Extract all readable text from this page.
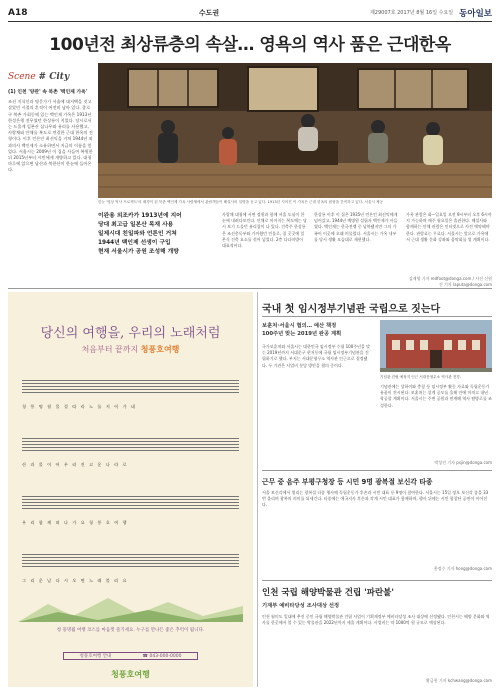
A18	수도권	제29007호 2017년 8월 16일 수요일 동아일보
100년전 최상류층의 속살… 영욕의 역사 품은 근대한옥
Scene # City
(1) 인천 '양관' 속 북촌 '백인제 가옥'
조선 지식인과 명문가가 서울에 대저택을 짓고 살았던 시절의 흔적이 여전히 남아 있다. 종로구 북촌 가회동에 있는 백인제 가옥은 1913년 한성은행 전무였던 한상룡이 지었다. 당시로서는 드물게 일본산 삼나무와 유리를 사용했고, 사랑채와 안채를 복도로 연결한 근대 한옥의 전형이다. 이후 언론인 최선익을 거쳐 1944년 외과의사 백인제가 소유하면서 지금의 이름을 얻었다. 서울시는 2009년 이 집을 사들여 복원한 뒤 2015년부터 시민에게 개방하고 있다. 대청마루에 앉으면 남산과 북한산이 한눈에 들어온다.
한눈 '영상 역사 프로젝트'의 배경이 된 북촌 백인제 가옥 사랑채에서 관람객들이 해설사의 설명을 듣고 있다. 1913년 지어진 이 가옥은 근대 한옥의 원형을 간직하고 있다. 서울시 제공
이완용 외조카가 1913년에 지어
당대 최고급 일본산 목재 사용
일제시대 친일파와 언론인 거쳐
1944년 백인제 선생이 구입
현재 서울시가 공원 조성해 개방
사랑채 대청에 서면 정원과 함께 서울 도심이 한눈에 내려다보인다. 안채로 이어지는 복도에는 당시 보기 드물던 유리창이 나 있다. 건축주 한상룡은 조선총독부와 가까웠던 인물로, 집 곳곳에 일본식 건축 요소를 섞어 넣었다. 2층 다다미방이 대표적이다.
한상룡 이후 이 집은 1935년 언론인 최선익에게 넘어갔고, 1944년 백병원 설립자 백인제가 사들였다. 백인제는 한국전쟁 중 납북됐지만 그의 가족이 이곳에 오래 머물렀다. 서울시는 가옥 내부를 당시 생활 모습대로 재현했다.
가옥 관람은 화∼일요일 오전 9시부터 오후 6시까지 가능하며 매주 월요일은 휴관한다. 해설사와 함께하는 안채 관람은 인터넷으로 사전 예약해야 한다. 관람료는 무료다. 서울시는 앞으로 가옥에서 근대 생활 문화 강좌와 음악회를 열 계획이다.
김재영 기자 redfoot@donga.com / 사진 신원건 기자 laputa@donga.com
당신의 여행을, 우리의 노래처럼
처음부터 끝까지 청풍호여행
청 풍 명 월 물 결 따 라 노 를 저 어 가 네
산 과 물 이 어 우 러 진 고 운 나 라 로
우 리 함 께 떠 나 가 요 청 풍 호 여 행
그 리 운 날 다 시 오 면 노 래 불 러 요
청 풍명월 여행 코스를 마음껏 즐기세요. 누구를 만나든 좋은 추억이 됩니다.
청풍호여행 안내	☎ 043-000-0000
청풍호여행
국내 첫 임시정부기념관 국립으로 짓는다
보훈처·서울시 협의… 예산 책정
100주년 맞는 2019년 완공 계획
국가보훈처와 서울시는 대한민국 임시정부 수립 100주년을 맞는 2019년까지 서대문구 현저동에 국립 임시정부기념관을 건립하기로 했다. 부지는 서대문형무소 역사관 인근으로 결정됐다. 두 기관은 사업비 분담 방안을 협의 중이다.
기념관 건립 예정지 인근 서대문형무소 역사관 전경.
기념관에는 상하이와 충칭 등 임시정부 활동 자료와 독립운동가 유품이 전시된다. 보훈처는 설계 공모를 올해 안에 마치고 내년 착공할 계획이다. 서울시는 주변 공원과 연계해 역사 탐방로를 조성한다.
박성진 기자 psjin@donga.com
근무 중 음주 부평구청장 등 시민 9명 광복절 보신각 타종
서울 보신각에서 열리는 광복절 타종 행사에 독립운동가 후손과 시민 대표 등 9명이 참여한다. 서울시는 15일 정오 보신각 종을 33번 울리며 광복의 의미를 되새긴다. 타종에는 애국지사 후손과 각계 시민 대표가 함께하며, 행사 뒤에는 시민 합창단 공연이 이어진다.
홍정수 기자 hong@donga.com
인천 국립 해양박물관 건립 '파란불'
기재부 예비타당성 조사대상 선정
인천 월미도 일대에 추진 중인 국립 해양박물관 건립 사업이 기획재정부 예비타당성 조사 대상에 선정됐다. 인천시는 해양 문화와 역사를 한곳에서 볼 수 있는 박물관을 2022년까지 세울 계획이다. 사업비는 약 1000억 원 규모로 예상된다.
황금천 기자 kchwang@donga.com
